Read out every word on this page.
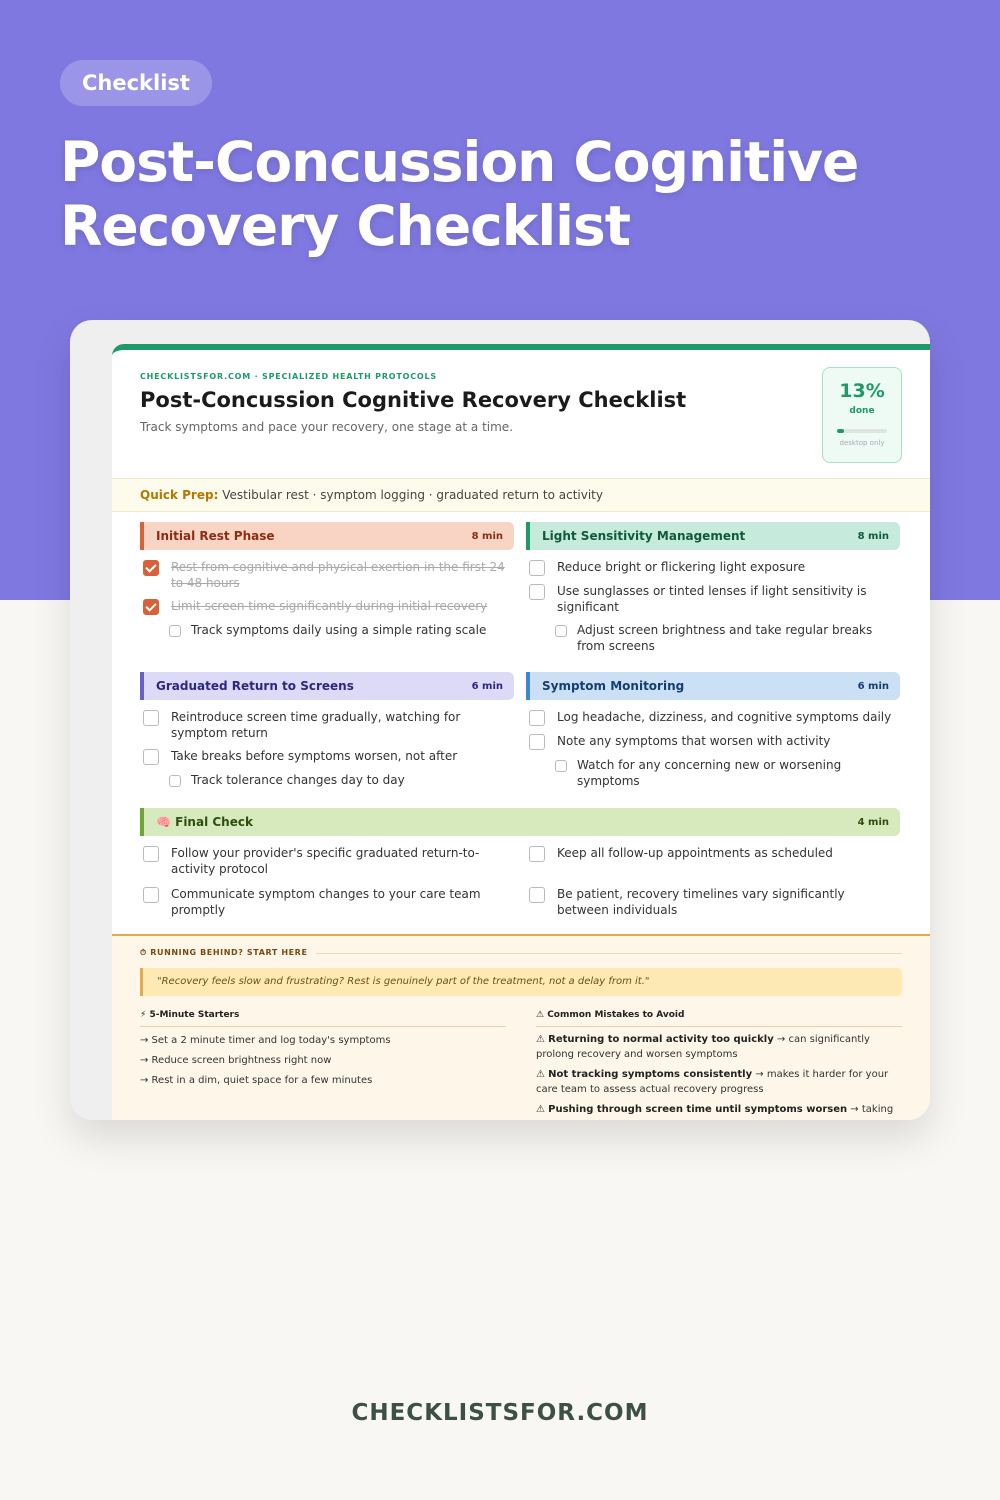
Checklist
Post-Concussion Cognitive
Recovery Checklist
CHECKLISTSFOR.COM · SPECIALIZED HEALTH PROTOCOLS
Post-Concussion Cognitive Recovery Checklist
Track symptoms and pace your recovery, one stage at a time.
13%
done
desktop only
Quick Prep: Vestibular rest · symptom logging · graduated return to activity
Initial Rest Phase	8 min
Rest from cognitive and physical exertion in the first 24 to 48 hours
Limit screen time significantly during initial recovery
Track symptoms daily using a simple rating scale
Light Sensitivity Management	8 min
Reduce bright or flickering light exposure
Use sunglasses or tinted lenses if light sensitivity is significant
Adjust screen brightness and take regular breaks from screens
Graduated Return to Screens	6 min
Reintroduce screen time gradually, watching for symptom return
Take breaks before symptoms worsen, not after
Track tolerance changes day to day
Symptom Monitoring	6 min
Log headache, dizziness, and cognitive symptoms daily
Note any symptoms that worsen with activity
Watch for any concerning new or worsening symptoms
🧠 Final Check	4 min
Follow your provider's specific graduated return-to-activity protocol
Keep all follow-up appointments as scheduled
Communicate symptom changes to your care team promptly
Be patient, recovery timelines vary significantly between individuals
⏱ RUNNING BEHIND? START HERE
"Recovery feels slow and frustrating? Rest is genuinely part of the treatment, not a delay from it."
⚡ 5-Minute Starters
→ Set a 2 minute timer and log today's symptoms
→ Reduce screen brightness right now
→ Rest in a dim, quiet space for a few minutes
⚠ Common Mistakes to Avoid
⚠ Returning to normal activity too quickly → can significantly prolong recovery and worsen symptoms
⚠ Not tracking symptoms consistently → makes it harder for your care team to assess actual recovery progress
⚠ Pushing through screen time until symptoms worsen → taking
CHECKLISTSFOR.COM
